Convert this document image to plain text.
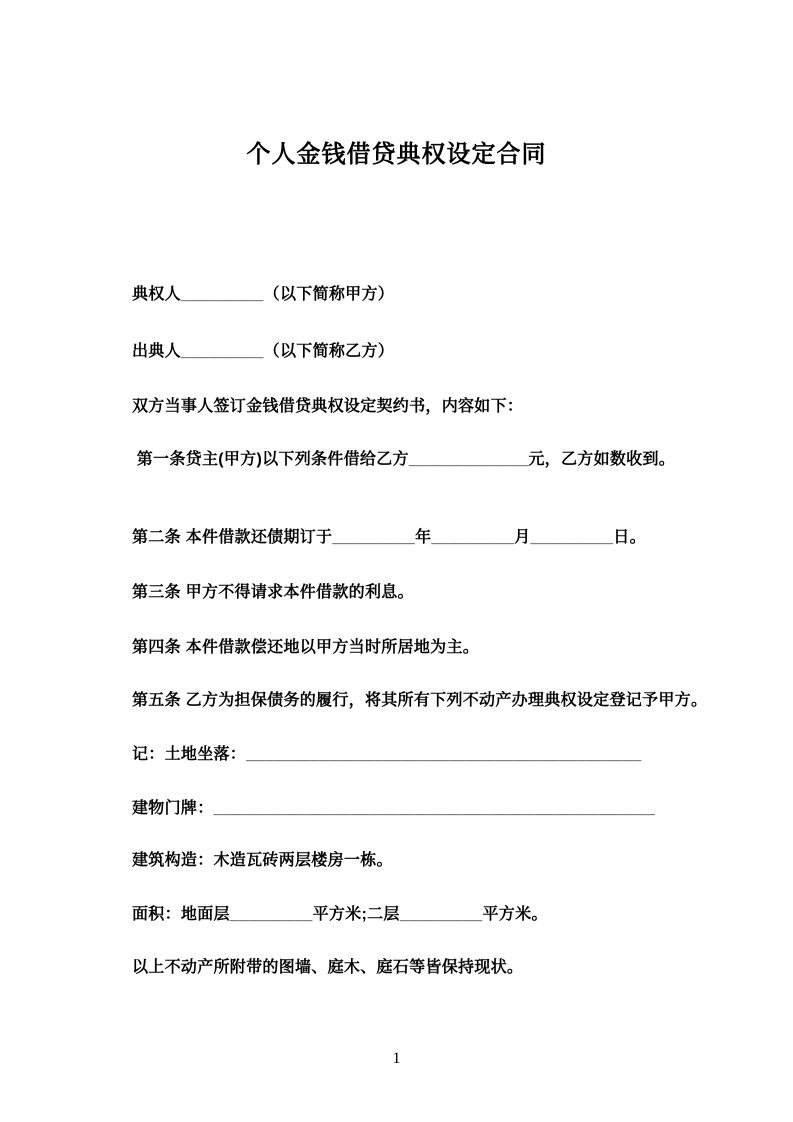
个人金钱借贷典权设定合同
典权人_________（以下简称甲方）
出典人_________（以下简称乙方）
双方当事人签订金钱借贷典权设定契约书，内容如下：
第一条贷主(甲方)以下列条件借给乙方_____________元，乙方如数收到。
第二条 本件借款还债期订于_________年_________月_________日。
第三条 甲方不得请求本件借款的利息。
第四条 本件借款偿还地以甲方当时所居地为主。
第五条 乙方为担保债务的履行，将其所有下列不动产办理典权设定登记予甲方。
记：土地坐落：___________________________________________
建物门牌：________________________________________________
建筑构造：木造瓦砖两层楼房一栋。
面积：地面层_________平方米;二层_________平方米。
以上不动产所附带的图墙、庭木、庭石等皆保持现状。
1
